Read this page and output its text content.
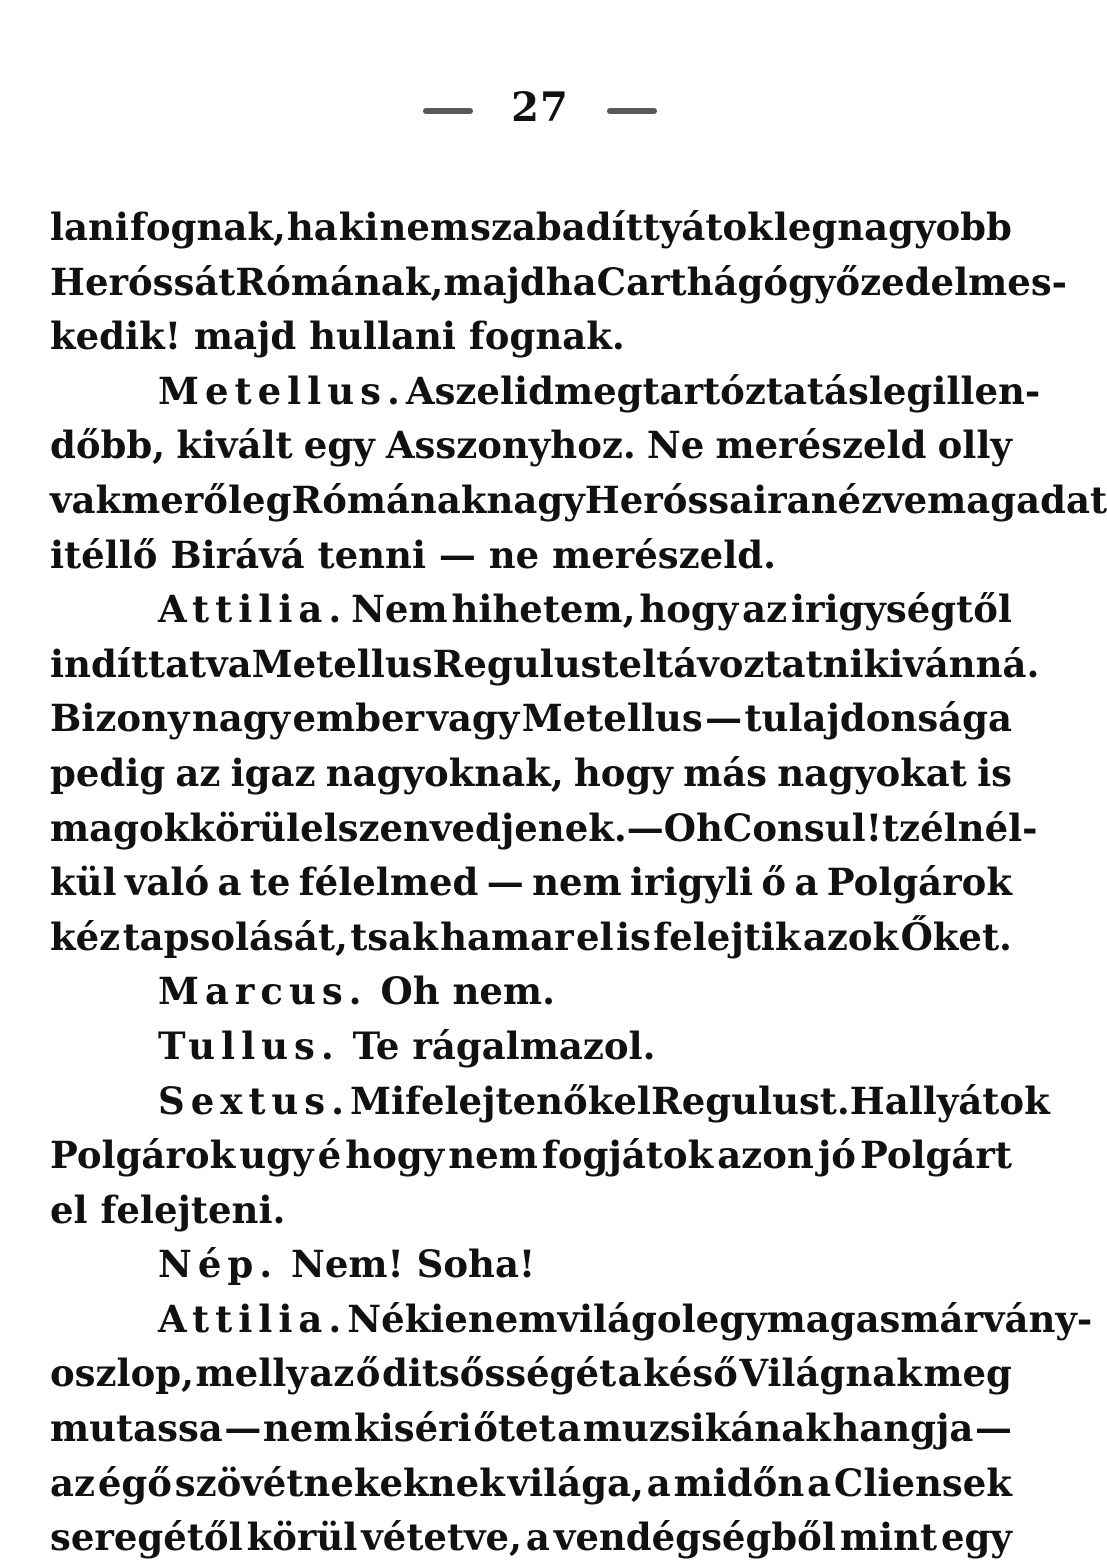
27
lani fognak, ha ki nem szabadíttyátok legnagyobb
Heróssát Rómának, majd ha Carthágó győzedelmes-
kedik! majd hullani fognak.
Metellus. A szelid meg tartóztatás legillen-
dőbb, kivált egy Asszonyhoz. Ne merészeld olly
vakmerőleg Rómának nagy Heróssaira nézve magadat
itéllő Birává tenni — ne merészeld.
Attilia. Nem hihetem, hogy az irigységtől
indíttatva Metellus Regulust eltávoztatni kivánná.
Bizony nagy ember vagy Metellus — tulajdonsága
pedig az igaz nagyoknak, hogy más nagyokat is
magok körül elszenvedjenek. — Oh Consul! tzél nél-
kül való a te félelmed — nem irigyli ő a Polgárok
kéz tapsolását, tsak hamar el is felejtik azok Őket.
Marcus. Oh nem.
Tullus. Te rágalmazol.
Sextus. Mi felejtenők el Regulust. Hallyátok
Polgárok ugy é hogy nem fogjátok azon jó Polgárt
el felejteni.
Nép. Nem! Soha!
Attilia. Nékie nem világol egy magas márvány-
oszlop, melly az ő ditsősségét a késő Világnak meg
mutassa — nem kiséri őtet a muzsikának hangja —
az égő szövétnekeknek világa, a midőn a Cliensek
seregétől körül vétetve, a vendégségből mint egy
